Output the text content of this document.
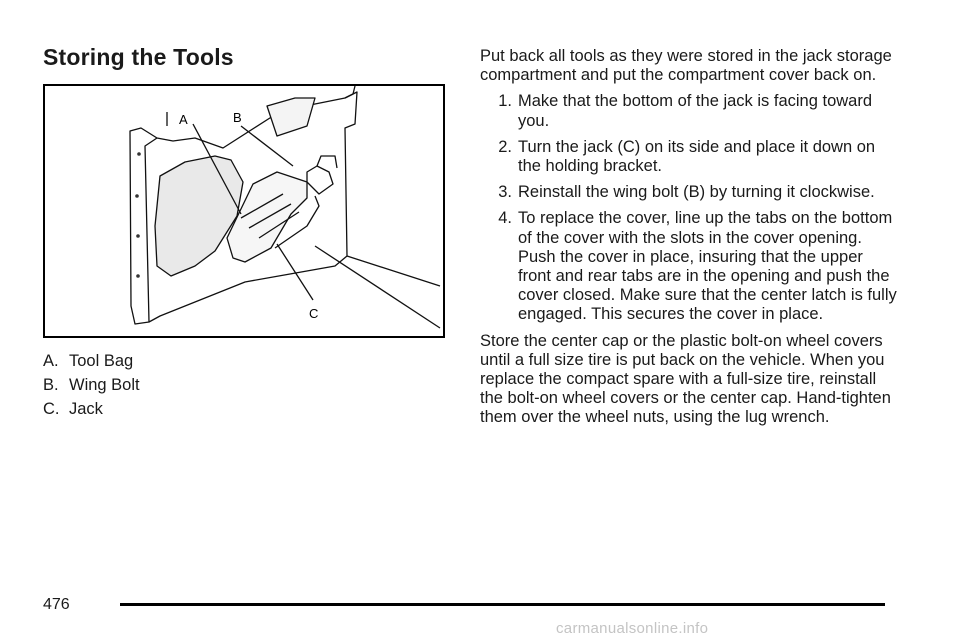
Storing the Tools
A	B
C
A. Tool Bag
B. Wing Bolt
C. Jack

Put back all tools as they were stored in the jack storage compartment and put the compartment cover back on.

1. Make that the bottom of the jack is facing toward you.
2. Turn the jack (C) on its side and place it down on the holding bracket.
3. Reinstall the wing bolt (B) by turning it clockwise.
4. To replace the cover, line up the tabs on the bottom of the cover with the slots in the cover opening. Push the cover in place, insuring that the upper front and rear tabs are in the opening and push the cover closed. Make sure that the center latch is fully engaged. This secures the cover in place.

Store the center cap or the plastic bolt-on wheel covers until a full size tire is put back on the vehicle. When you replace the compact spare with a full-size tire, reinstall the bolt-on wheel covers or the center cap. Hand-tighten them over the wheel nuts, using the lug wrench.

476
carmanualsonline.info
